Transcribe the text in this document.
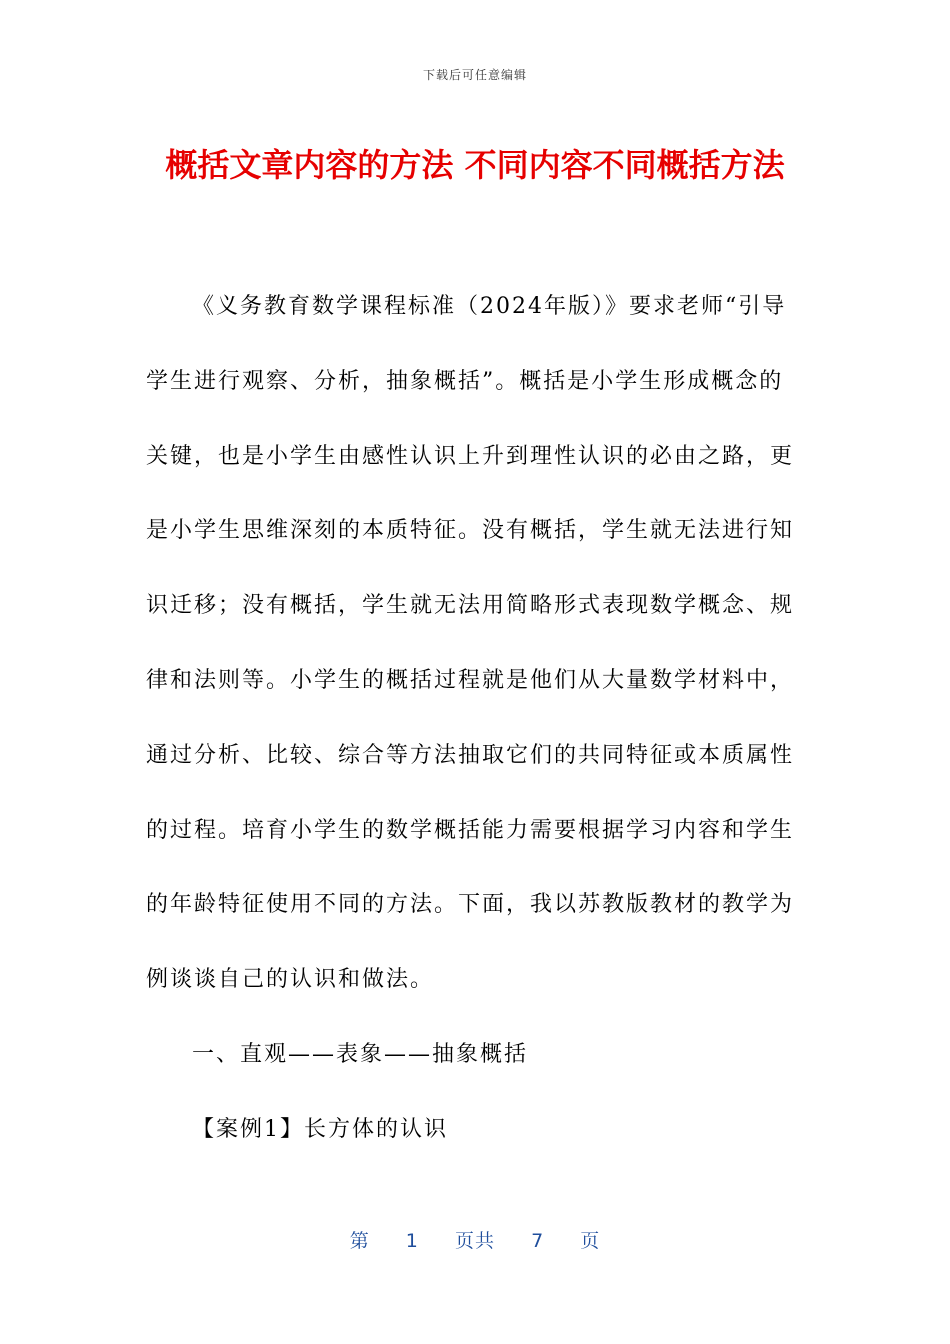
下载后可任意编辑
概括文章内容的方法 不同内容不同概括方法
《义务教育数学课程标准（2024年版）》要求老师“引导
学生进行观察、分析，抽象概括”。概括是小学生形成概念的
关键，也是小学生由感性认识上升到理性认识的必由之路，更
是小学生思维深刻的本质特征。没有概括，学生就无法进行知
识迁移；没有概括，学生就无法用简略形式表现数学概念、规
律和法则等。小学生的概括过程就是他们从大量数学材料中，
通过分析、比较、综合等方法抽取它们的共同特征或本质属性
的过程。培育小学生的数学概括能力需要根据学习内容和学生
的年龄特征使用不同的方法。下面，我以苏教版教材的教学为
例谈谈自己的认识和做法。

一、直观——表象——抽象概括

【案例1】长方体的认识

第 1 页共 7 页
